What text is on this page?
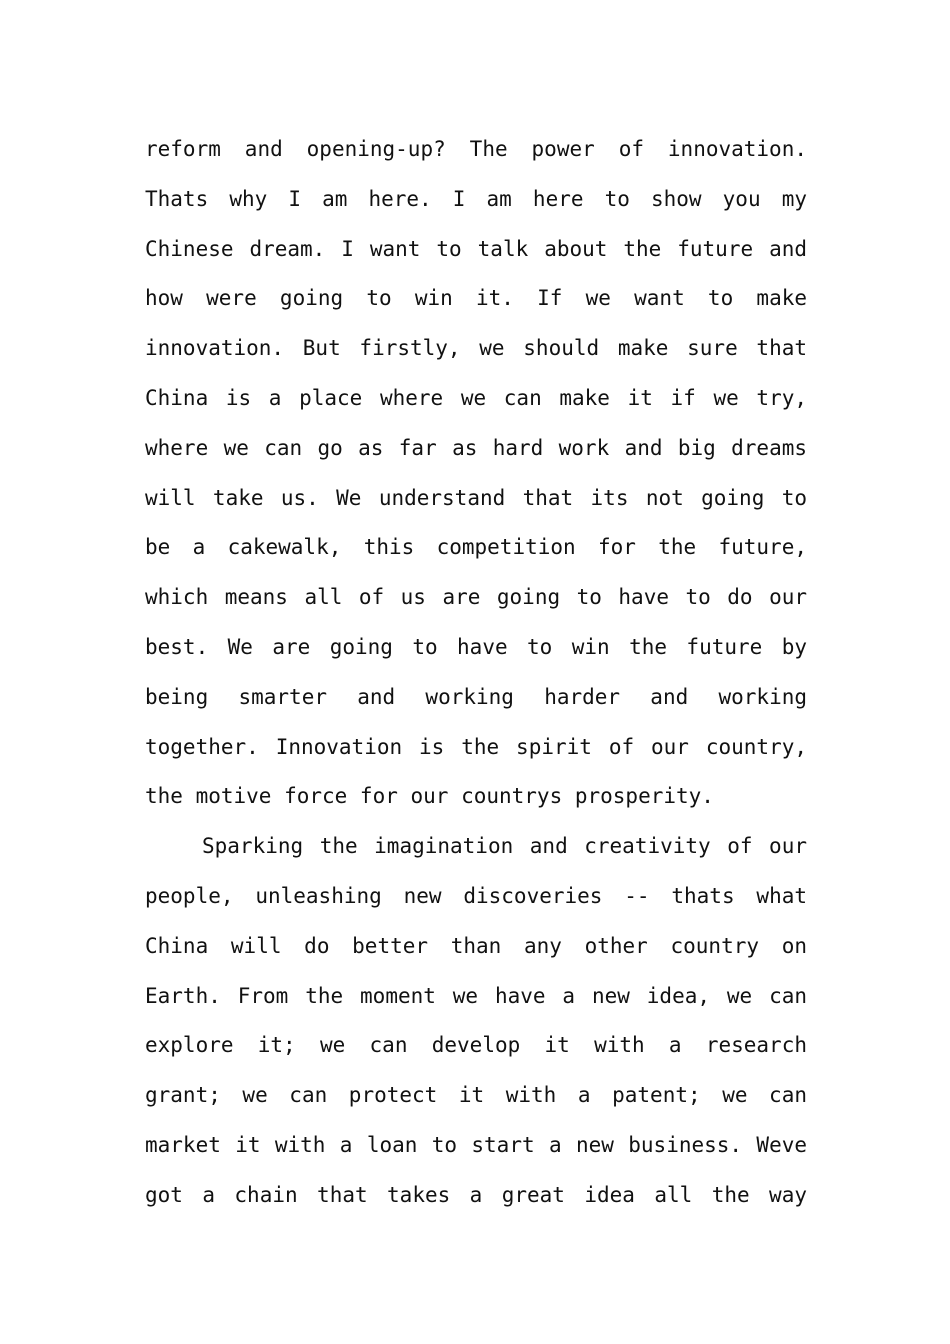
reform and opening-up? The power of innovation.
Thats why I am here. I am here to show you my
Chinese dream. I want to talk about the future and
how were going to win it. If we want to make
innovation. But firstly, we should make sure that
China is a place where we can make it if we try,
where we can go as far as hard work and big dreams
will take us. We understand that its not going to
be a cakewalk, this competition for the future,
which means all of us are going to have to do our
best. We are going to have to win the future by
being smarter and working harder and working
together. Innovation is the spirit of our country,
the motive force for our countrys prosperity.
Sparking the imagination and creativity of our
people, unleashing new discoveries -- thats what
China will do better than any other country on
Earth. From the moment we have a new idea, we can
explore it; we can develop it with a research
grant; we can protect it with a patent; we can
market it with a loan to start a new business. Weve
got a chain that takes a great idea all the way
